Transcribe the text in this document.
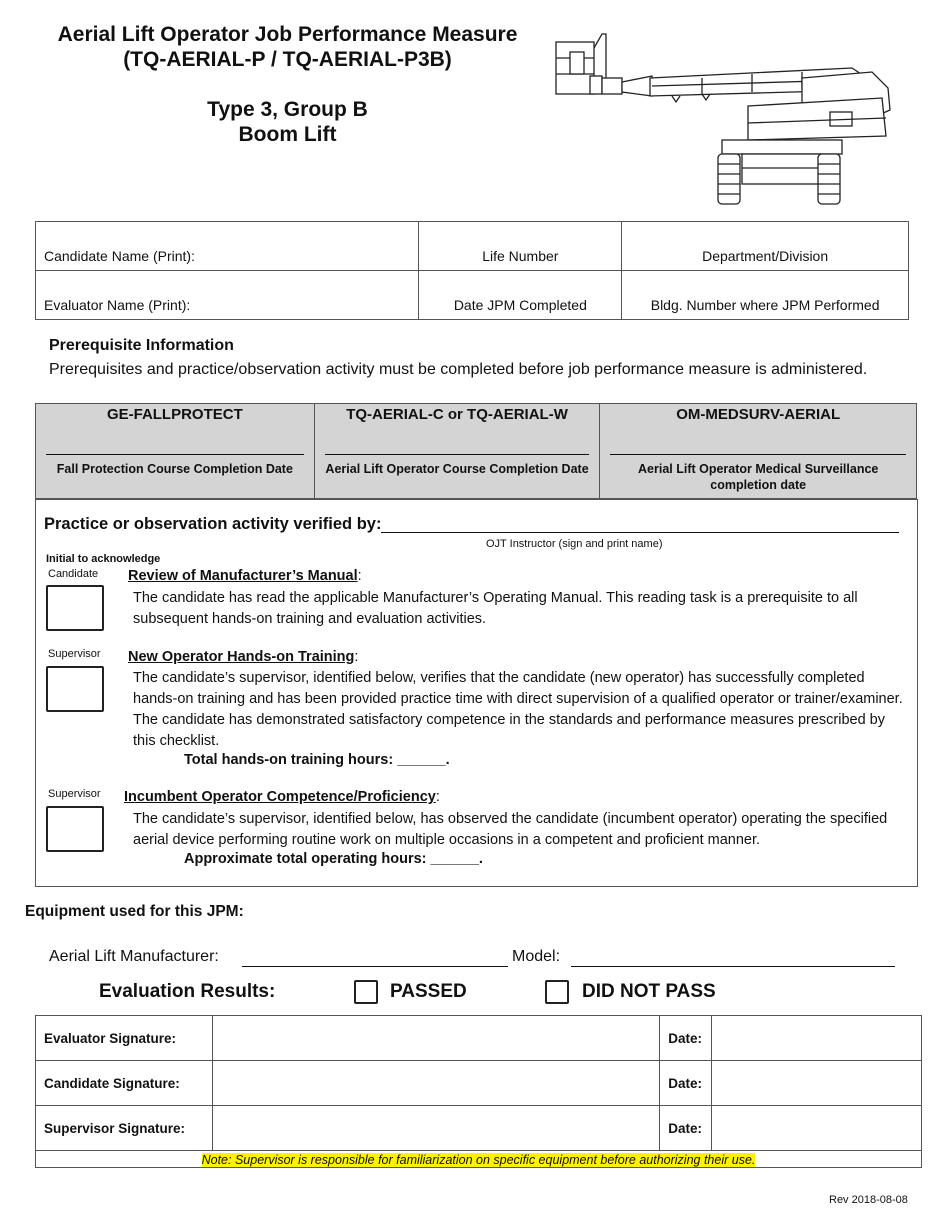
Aerial Lift Operator Job Performance Measure
(TQ-AERIAL-P / TQ-AERIAL-P3B)
Type 3, Group B
Boom Lift
Candidate Name (Print):	Life Number	Department/Division
Evaluator Name (Print):	Date JPM Completed	Bldg. Number where JPM Performed
Prerequisite Information
Prerequisites and practice/observation activity must be completed before job performance measure is administered.
GE-FALLPROTECT
Fall Protection Course Completion Date

TQ-AERIAL-C or TQ-AERIAL-W
Aerial Lift Operator Course Completion Date

OM-MEDSURV-AERIAL
Aerial Lift Operator Medical Surveillance completion date
Practice or observation activity verified by:
OJT Instructor (sign and print name)
Initial to acknowledge
Candidate Review of Manufacturer’s Manual:
The candidate has read the applicable Manufacturer’s Operating Manual. This reading task is a prerequisite to all subsequent hands-on training and evaluation activities.
Supervisor New Operator Hands-on Training:
The candidate’s supervisor, identified below, verifies that the candidate (new operator) has successfully completed hands-on training and has been provided practice time with direct supervision of a qualified operator or trainer/examiner. The candidate has demonstrated satisfactory competence in the standards and performance measures prescribed by this checklist.
Total hands-on training hours: ______.
Supervisor Incumbent Operator Competence/Proficiency:
The candidate’s supervisor, identified below, has observed the candidate (incumbent operator) operating the specified aerial device performing routine work on multiple occasions in a competent and proficient manner.
Approximate total operating hours: ______.
Equipment used for this JPM:
Aerial Lift Manufacturer:	Model:
Evaluation Results:	PASSED	DID NOT PASS
Evaluator Signature:		Date:	
Candidate Signature:		Date:	
Supervisor Signature:		Date:	
Note: Supervisor is responsible for familiarization on specific equipment before authorizing their use.			
Rev 2018-08-08
